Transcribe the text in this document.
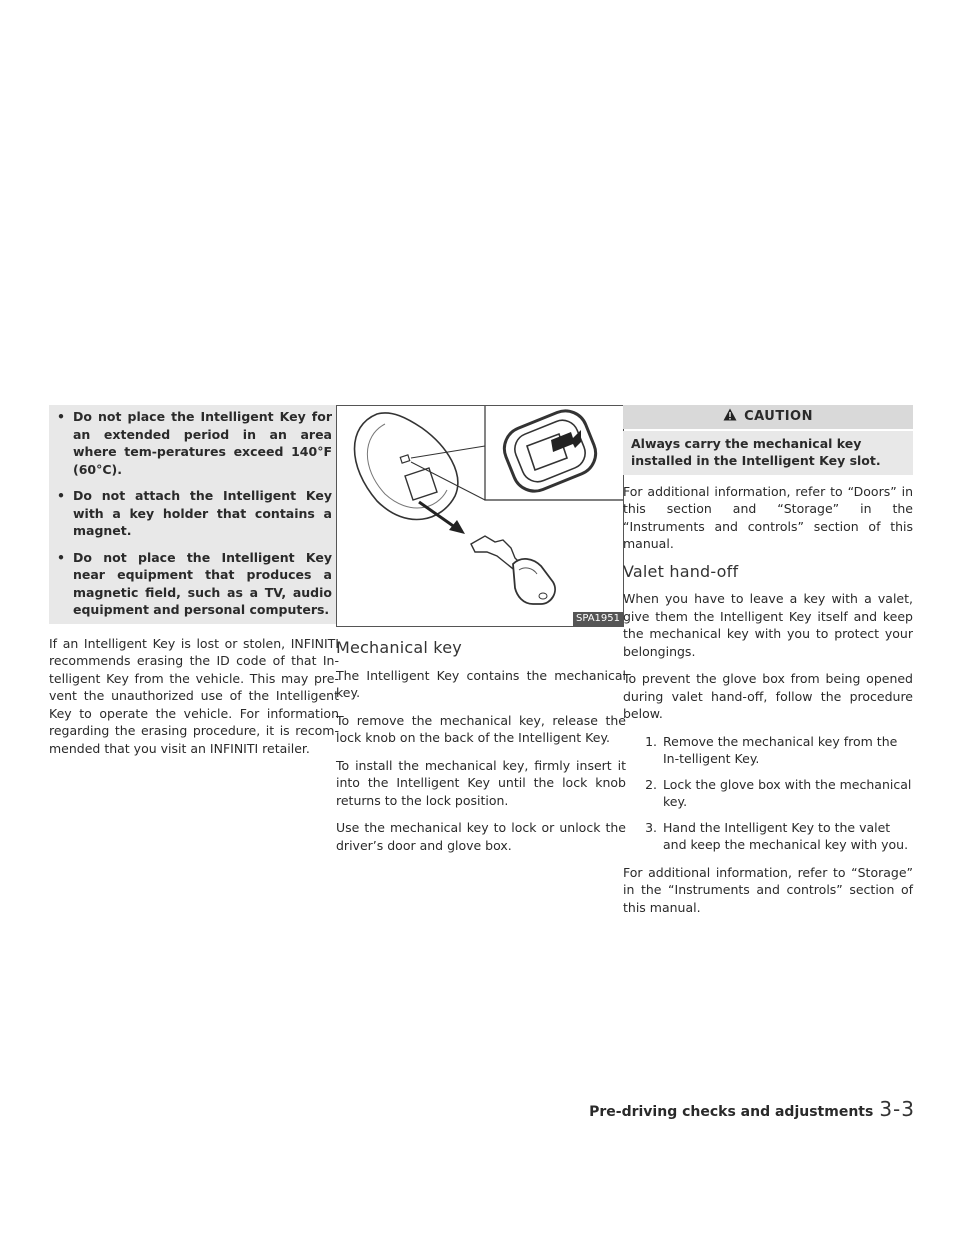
• Do not place the Intelligent Key for an extended period in an area where tem-peratures exceed 140°F (60°C).
• Do not attach the Intelligent Key with a key holder that contains a magnet.
• Do not place the Intelligent Key near equipment that produces a magnetic field, such as a TV, audio equipment and personal computers.

If an Intelligent Key is lost or stolen, INFINITI recommends erasing the ID code of that In-telligent Key from the vehicle. This may pre-vent the unauthorized use of the Intelligent Key to operate the vehicle. For information regarding the erasing procedure, it is recom-mended that you visit an INFINITI retailer.

SPA1951
Mechanical key

The Intelligent Key contains the mechanical key.

To remove the mechanical key, release the lock knob on the back of the Intelligent Key.

To install the mechanical key, firmly insert it into the Intelligent Key until the lock knob returns to the lock position.

Use the mechanical key to lock or unlock the driver’s door and glove box.

CAUTION
Always carry the mechanical key installed in the Intelligent Key slot.

For additional information, refer to “Doors” in this section and “Storage” in the “Instruments and controls” section of this manual.

Valet hand-off

When you have to leave a key with a valet, give them the Intelligent Key itself and keep the mechanical key with you to protect your belongings.

To prevent the glove box from being opened during valet hand-off, follow the procedure below.

1. Remove the mechanical key from the In-telligent Key.
2. Lock the glove box with the mechanical key.
3. Hand the Intelligent Key to the valet and keep the mechanical key with you.

For additional information, refer to “Storage” in the “Instruments and controls” section of this manual.

Pre-driving checks and adjustments 3-3
